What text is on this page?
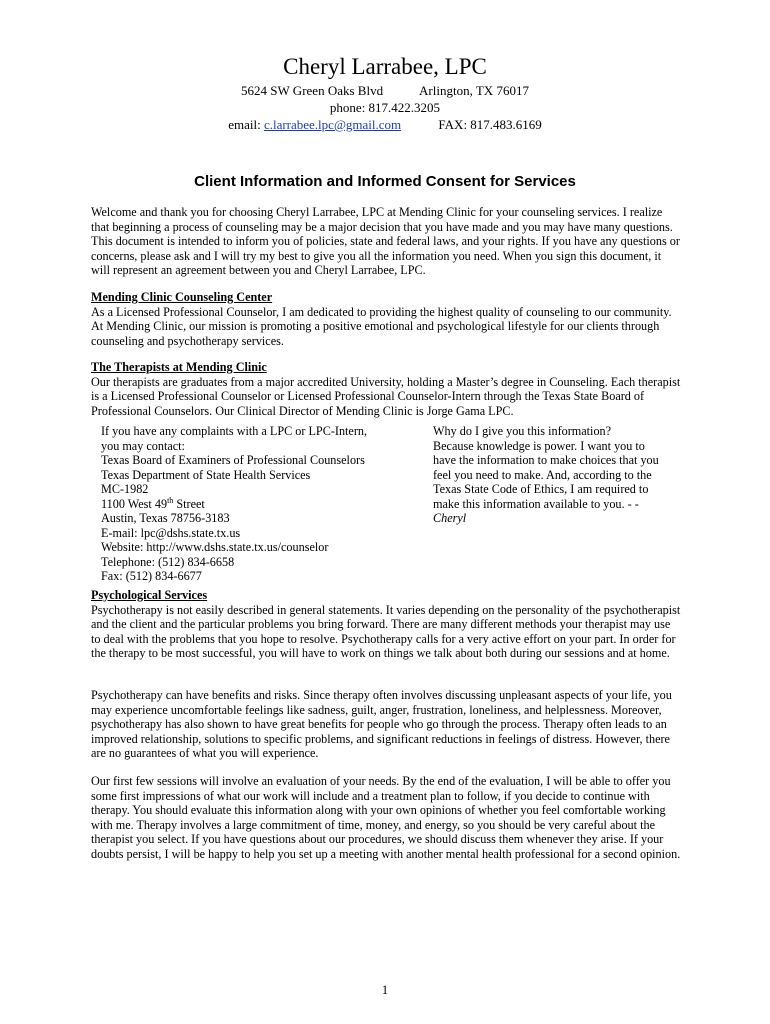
Cheryl Larrabee, LPC
5624 SW Green Oaks Blvd	Arlington, TX 76017
phone: 817.422.3205
email: c.larrabee.lpc@gmail.com	FAX: 817.483.6169
Client Information and Informed Consent for Services

Welcome and thank you for choosing Cheryl Larrabee, LPC at Mending Clinic for your counseling services. I realize that beginning a process of counseling may be a major decision that you have made and you may have many questions. This document is intended to inform you of policies, state and federal laws, and your rights. If you have any questions or concerns, please ask and I will try my best to give you all the information you need. When you sign this document, it will represent an agreement between you and Cheryl Larrabee, LPC.

Mending Clinic Counseling Center
As a Licensed Professional Counselor, I am dedicated to providing the highest quality of counseling to our community. At Mending Clinic, our mission is promoting a positive emotional and psychological lifestyle for our clients through counseling and psychotherapy services.
The Therapists at Mending Clinic
Our therapists are graduates from a major accredited University, holding a Master’s degree in Counseling. Each therapist is a Licensed Professional Counselor or Licensed Professional Counselor-Intern through the Texas State Board of Professional Counselors. Our Clinical Director of Mending Clinic is Jorge Gama LPC.
If you have any complaints with a LPC or LPC-Intern,
you may contact:
Texas Board of Examiners of Professional Counselors
Texas Department of State Health Services
MC-1982
1100 West 49th Street
Austin, Texas 78756-3183
E-mail: lpc@dshs.state.tx.us
Website: http://www.dshs.state.tx.us/counselor
Telephone: (512) 834-6658
Fax: (512) 834-6677
Why do I give you this information?
Because knowledge is power. I want you to
have the information to make choices that you
feel you need to make. And, according to the
Texas State Code of Ethics, I am required to
make this information available to you. - -
Cheryl
Psychological Services
Psychotherapy is not easily described in general statements. It varies depending on the personality of the psychotherapist and the client and the particular problems you bring forward. There are many different methods your therapist may use to deal with the problems that you hope to resolve. Psychotherapy calls for a very active effort on your part. In order for the therapy to be most successful, you will have to work on things we talk about both during our sessions and at home.

Psychotherapy can have benefits and risks. Since therapy often involves discussing unpleasant aspects of your life, you may experience uncomfortable feelings like sadness, guilt, anger, frustration, loneliness, and helplessness. Moreover, psychotherapy has also shown to have great benefits for people who go through the process. Therapy often leads to an improved relationship, solutions to specific problems, and significant reductions in feelings of distress. However, there are no guarantees of what you will experience.

Our first few sessions will involve an evaluation of your needs. By the end of the evaluation, I will be able to offer you some first impressions of what our work will include and a treatment plan to follow, if you decide to continue with therapy. You should evaluate this information along with your own opinions of whether you feel comfortable working with me. Therapy involves a large commitment of time, money, and energy, so you should be very careful about the therapist you select. If you have questions about our procedures, we should discuss them whenever they arise. If your doubts persist, I will be happy to help you set up a meeting with another mental health professional for a second opinion.

1
